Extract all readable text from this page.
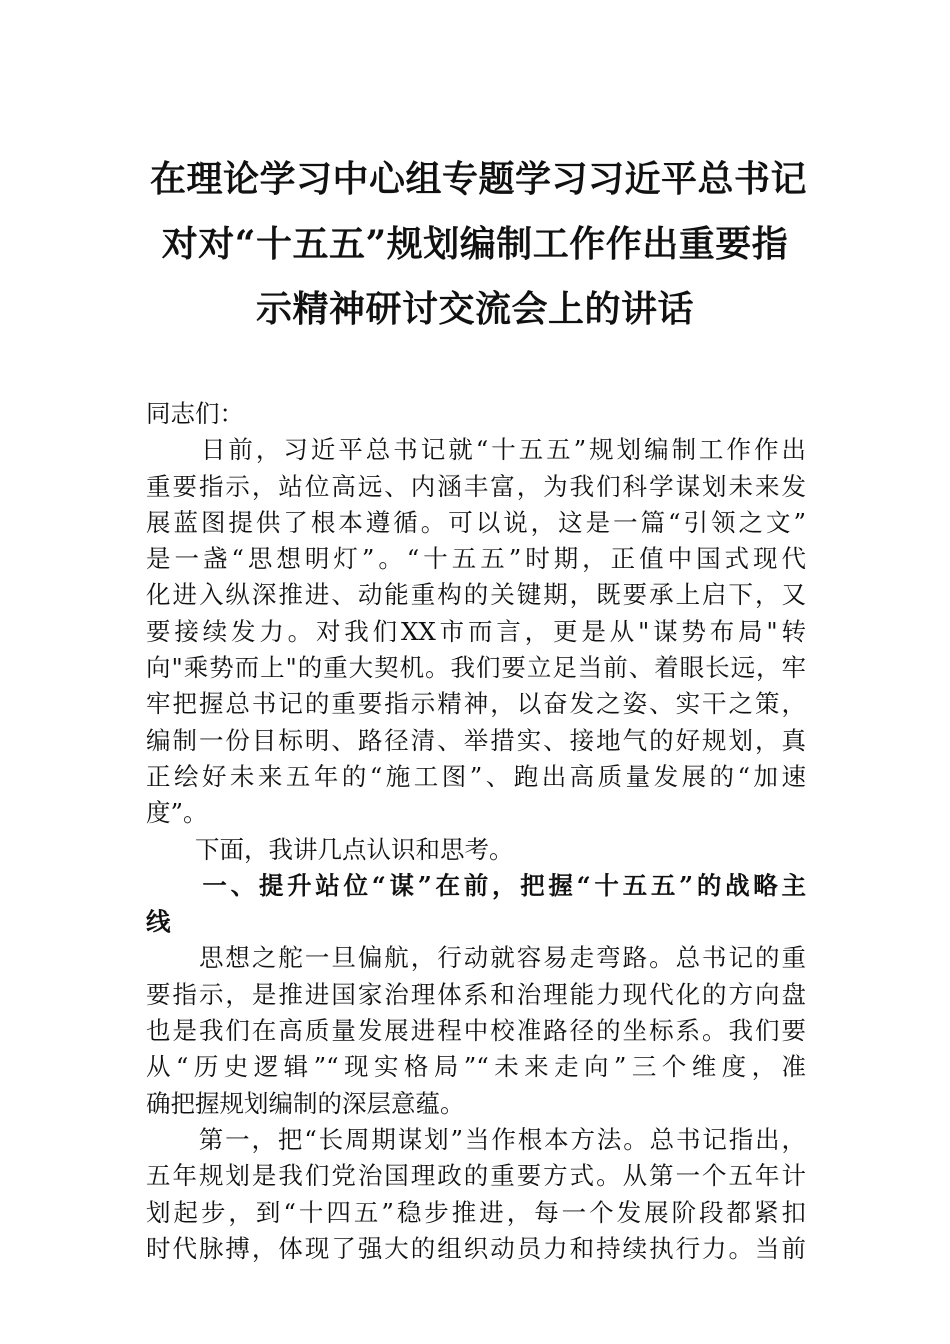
在理论学习中心组专题学习习近平总书记
对对“十五五”规划编制工作作出重要指
示精神研讨交流会上的讲话
同志们：
　　日前，习近平总书记就“十五五”规划编制工作作出
重要指示，站位高远、内涵丰富，为我们科学谋划未来发
展蓝图提供了根本遵循。可以说，这是一篇“引领之文”
是一盏“思想明灯”。“十五五”时期，正值中国式现代
化进入纵深推进、动能重构的关键期，既要承上启下，又
要接续发力。对我们XX市而言，更是从"谋势布局"转
向"乘势而上"的重大契机。我们要立足当前、着眼长远，牢
牢把握总书记的重要指示精神，以奋发之姿、实干之策，
编制一份目标明、路径清、举措实、接地气的好规划，真
正绘好未来五年的“施工图”、跑出高质量发展的“加速
度”。
　　下面，我讲几点认识和思考。
　　一、提升站位“谋”在前，把握“十五五”的战略主
线
　　思想之舵一旦偏航，行动就容易走弯路。总书记的重
要指示，是推进国家治理体系和治理能力现代化的方向盘
也是我们在高质量发展进程中校准路径的坐标系。我们要
从“历史逻辑”“现实格局”“未来走向”三个维度，准
确把握规划编制的深层意蕴。
　　第一，把“长周期谋划”当作根本方法。总书记指出，
五年规划是我们党治国理政的重要方式。从第一个五年计
划起步，到“十四五”稳步推进，每一个发展阶段都紧扣
时代脉搏，体现了强大的组织动员力和持续执行力。当前
